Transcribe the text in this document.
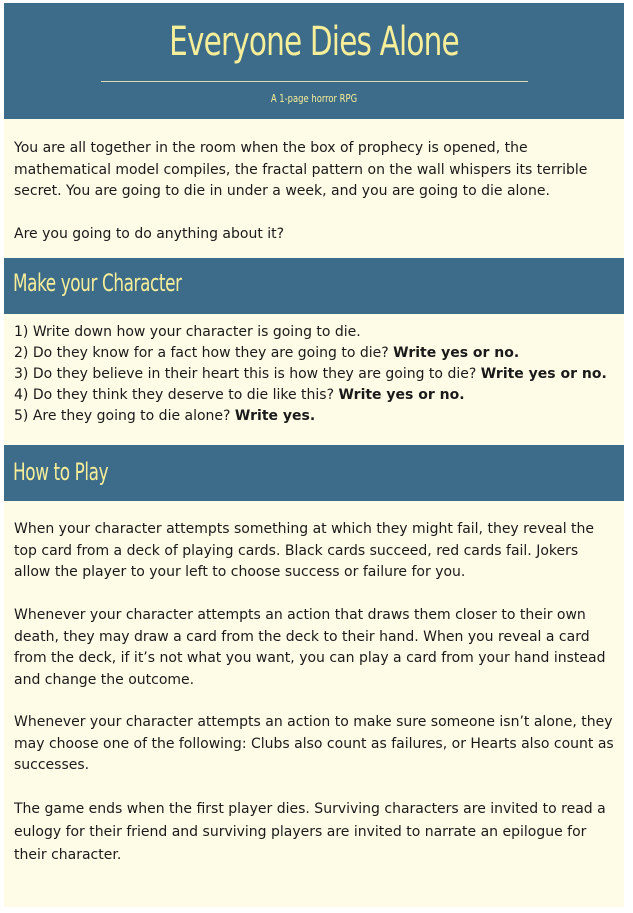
Everyone Dies Alone
A 1-page horror RPG

You are all together in the room when the box of prophecy is opened, the mathematical model compiles, the fractal pattern on the wall whispers its terrible secret. You are going to die in under a week, and you are going to die alone.

Are you going to do anything about it?

Make your Character
1) Write down how your character is going to die.
2) Do they know for a fact how they are going to die? Write yes or no.
3) Do they believe in their heart this is how they are going to die? Write yes or no.
4) Do they think they deserve to die like this? Write yes or no.
5) Are they going to die alone? Write yes.
How to Play

When your character attempts something at which they might fail, they reveal the top card from a deck of playing cards. Black cards succeed, red cards fail. Jokers allow the player to your left to choose success or failure for you.

Whenever your character attempts an action that draws them closer to their own death, they may draw a card from the deck to their hand. When you reveal a card from the deck, if it’s not what you want, you can play a card from your hand instead and change the outcome.

Whenever your character attempts an action to make sure someone isn’t alone, they may choose one of the following: Clubs also count as failures, or Hearts also count as successes.

The game ends when the first player dies. Surviving characters are invited to read a eulogy for their friend and surviving players are invited to narrate an epilogue for their character.
